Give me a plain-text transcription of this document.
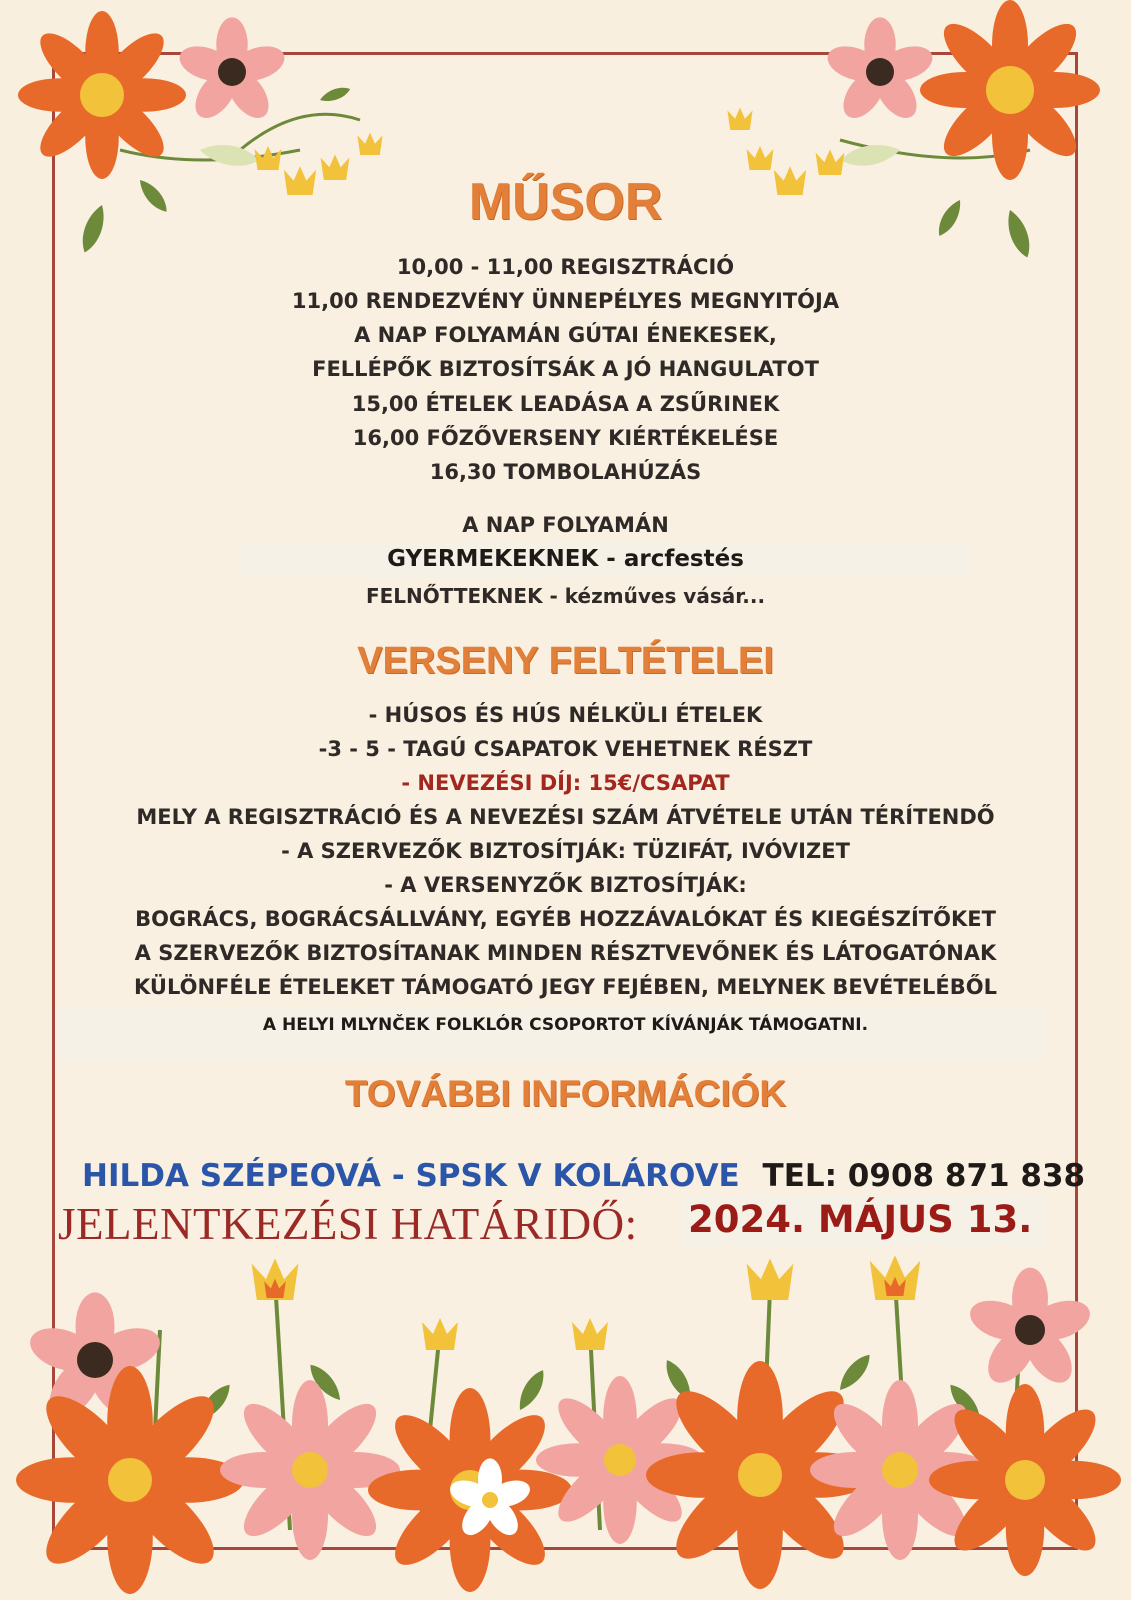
MŰSOR
10,00 - 11,00 REGISZTRÁCIÓ
11,00 RENDEZVÉNY ÜNNEPÉLYES MEGNYITÓJA
A NAP FOLYAMÁN GÚTAI ÉNEKESEK,
FELLÉPŐK BIZTOSÍTSÁK A JÓ HANGULATOT
15,00 ÉTELEK LEADÁSA A ZSŰRINEK
16,00 FŐZŐVERSENY KIÉRTÉKELÉSE
16,30 TOMBOLAHÚZÁS
A NAP FOLYAMÁN
GYERMEKEKNEK - arcfestés
FELNŐTTEKNEK - kézműves vásár...
VERSENY FELTÉTELEI
- HÚSOS ÉS HÚS NÉLKÜLI ÉTELEK
-3 - 5 - TAGÚ CSAPATOK VEHETNEK RÉSZT
- NEVEZÉSI DÍJ: 15€/CSAPAT
MELY A REGISZTRÁCIÓ ÉS A NEVEZÉSI SZÁM ÁTVÉTELE UTÁN TÉRÍTENDŐ
- A SZERVEZŐK BIZTOSÍTJÁK: TÜZIFÁT, IVÓVIZET
- A VERSENYZŐK BIZTOSÍTJÁK:
BOGRÁCS, BOGRÁCSÁLLVÁNY, EGYÉB HOZZÁVALÓKAT ÉS KIEGÉSZÍTŐKET
A SZERVEZŐK BIZTOSÍTANAK MINDEN RÉSZTVEVŐNEK ÉS LÁTOGATÓNAK
KÜLÖNFÉLE ÉTELEKET TÁMOGATÓ JEGY FEJÉBEN, MELYNEK BEVÉTELÉBŐL
A HELYI MLYNČEK FOLKLÓR CSOPORTOT KÍVÁNJÁK TÁMOGATNI.
TOVÁBBI INFORMÁCIÓK
HILDA SZÉPEOVÁ - SPSK V KOLÁROVE TEL: 0908 871 838
JELENTKEZÉSI HATÁRIDŐ: 2024. MÁJUS 13.
